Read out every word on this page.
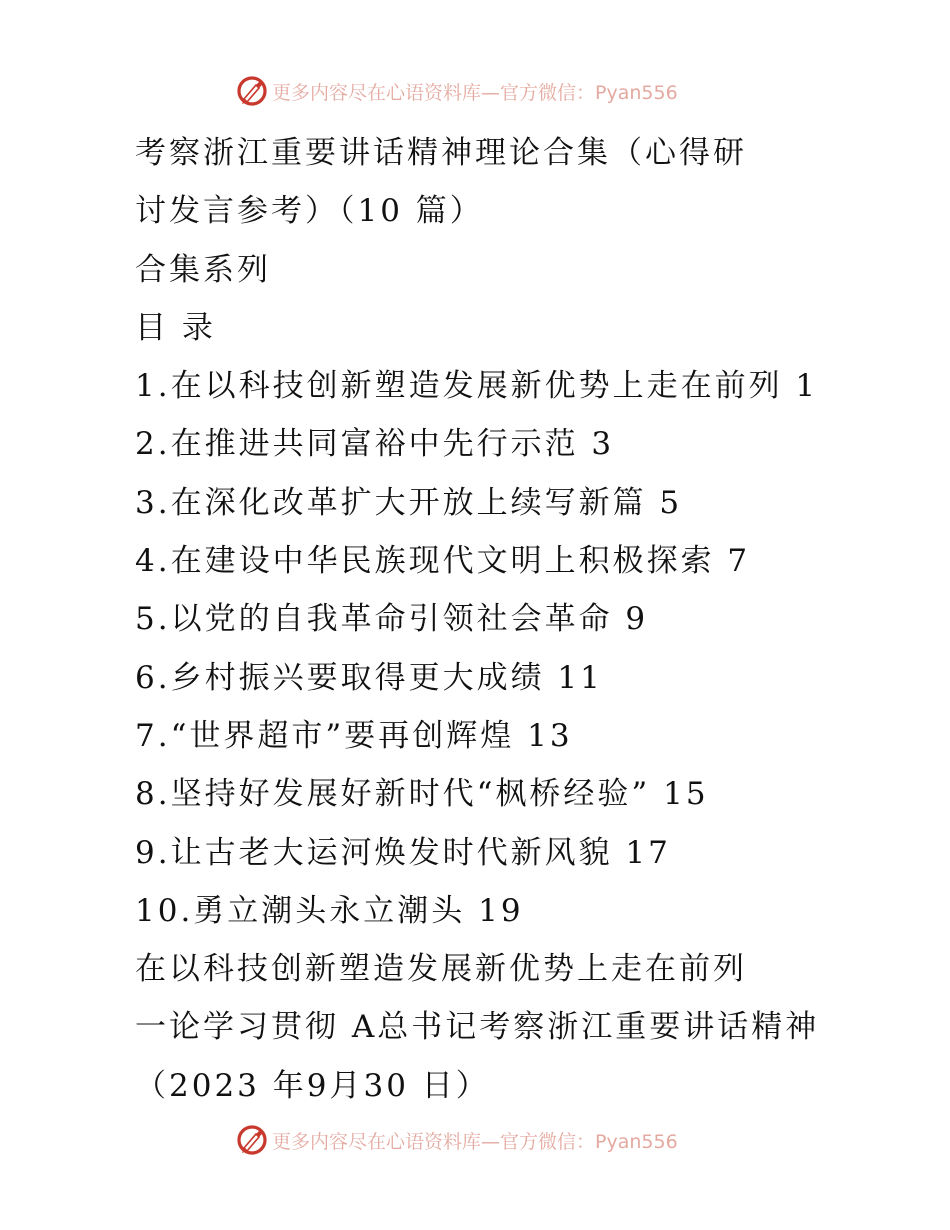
更多内容尽在心语资料库—官方微信：Pyan556
考察浙江重要讲话精神理论合集（心得研
讨发言参考）（10 篇）
合集系列
目 录
1.在以科技创新塑造发展新优势上走在前列 1
2.在推进共同富裕中先行示范 3
3.在深化改革扩大开放上续写新篇 5
4.在建设中华民族现代文明上积极探索 7
5.以党的自我革命引领社会革命 9
6.乡村振兴要取得更大成绩 11
7.“世界超市”要再创辉煌 13
8.坚持好发展好新时代“枫桥经验” 15
9.让古老大运河焕发时代新风貌 17
10.勇立潮头永立潮头 19
在以科技创新塑造发展新优势上走在前列
一论学习贯彻 A总书记考察浙江重要讲话精神
（2023 年9月30 日）
更多内容尽在心语资料库—官方微信：Pyan556
